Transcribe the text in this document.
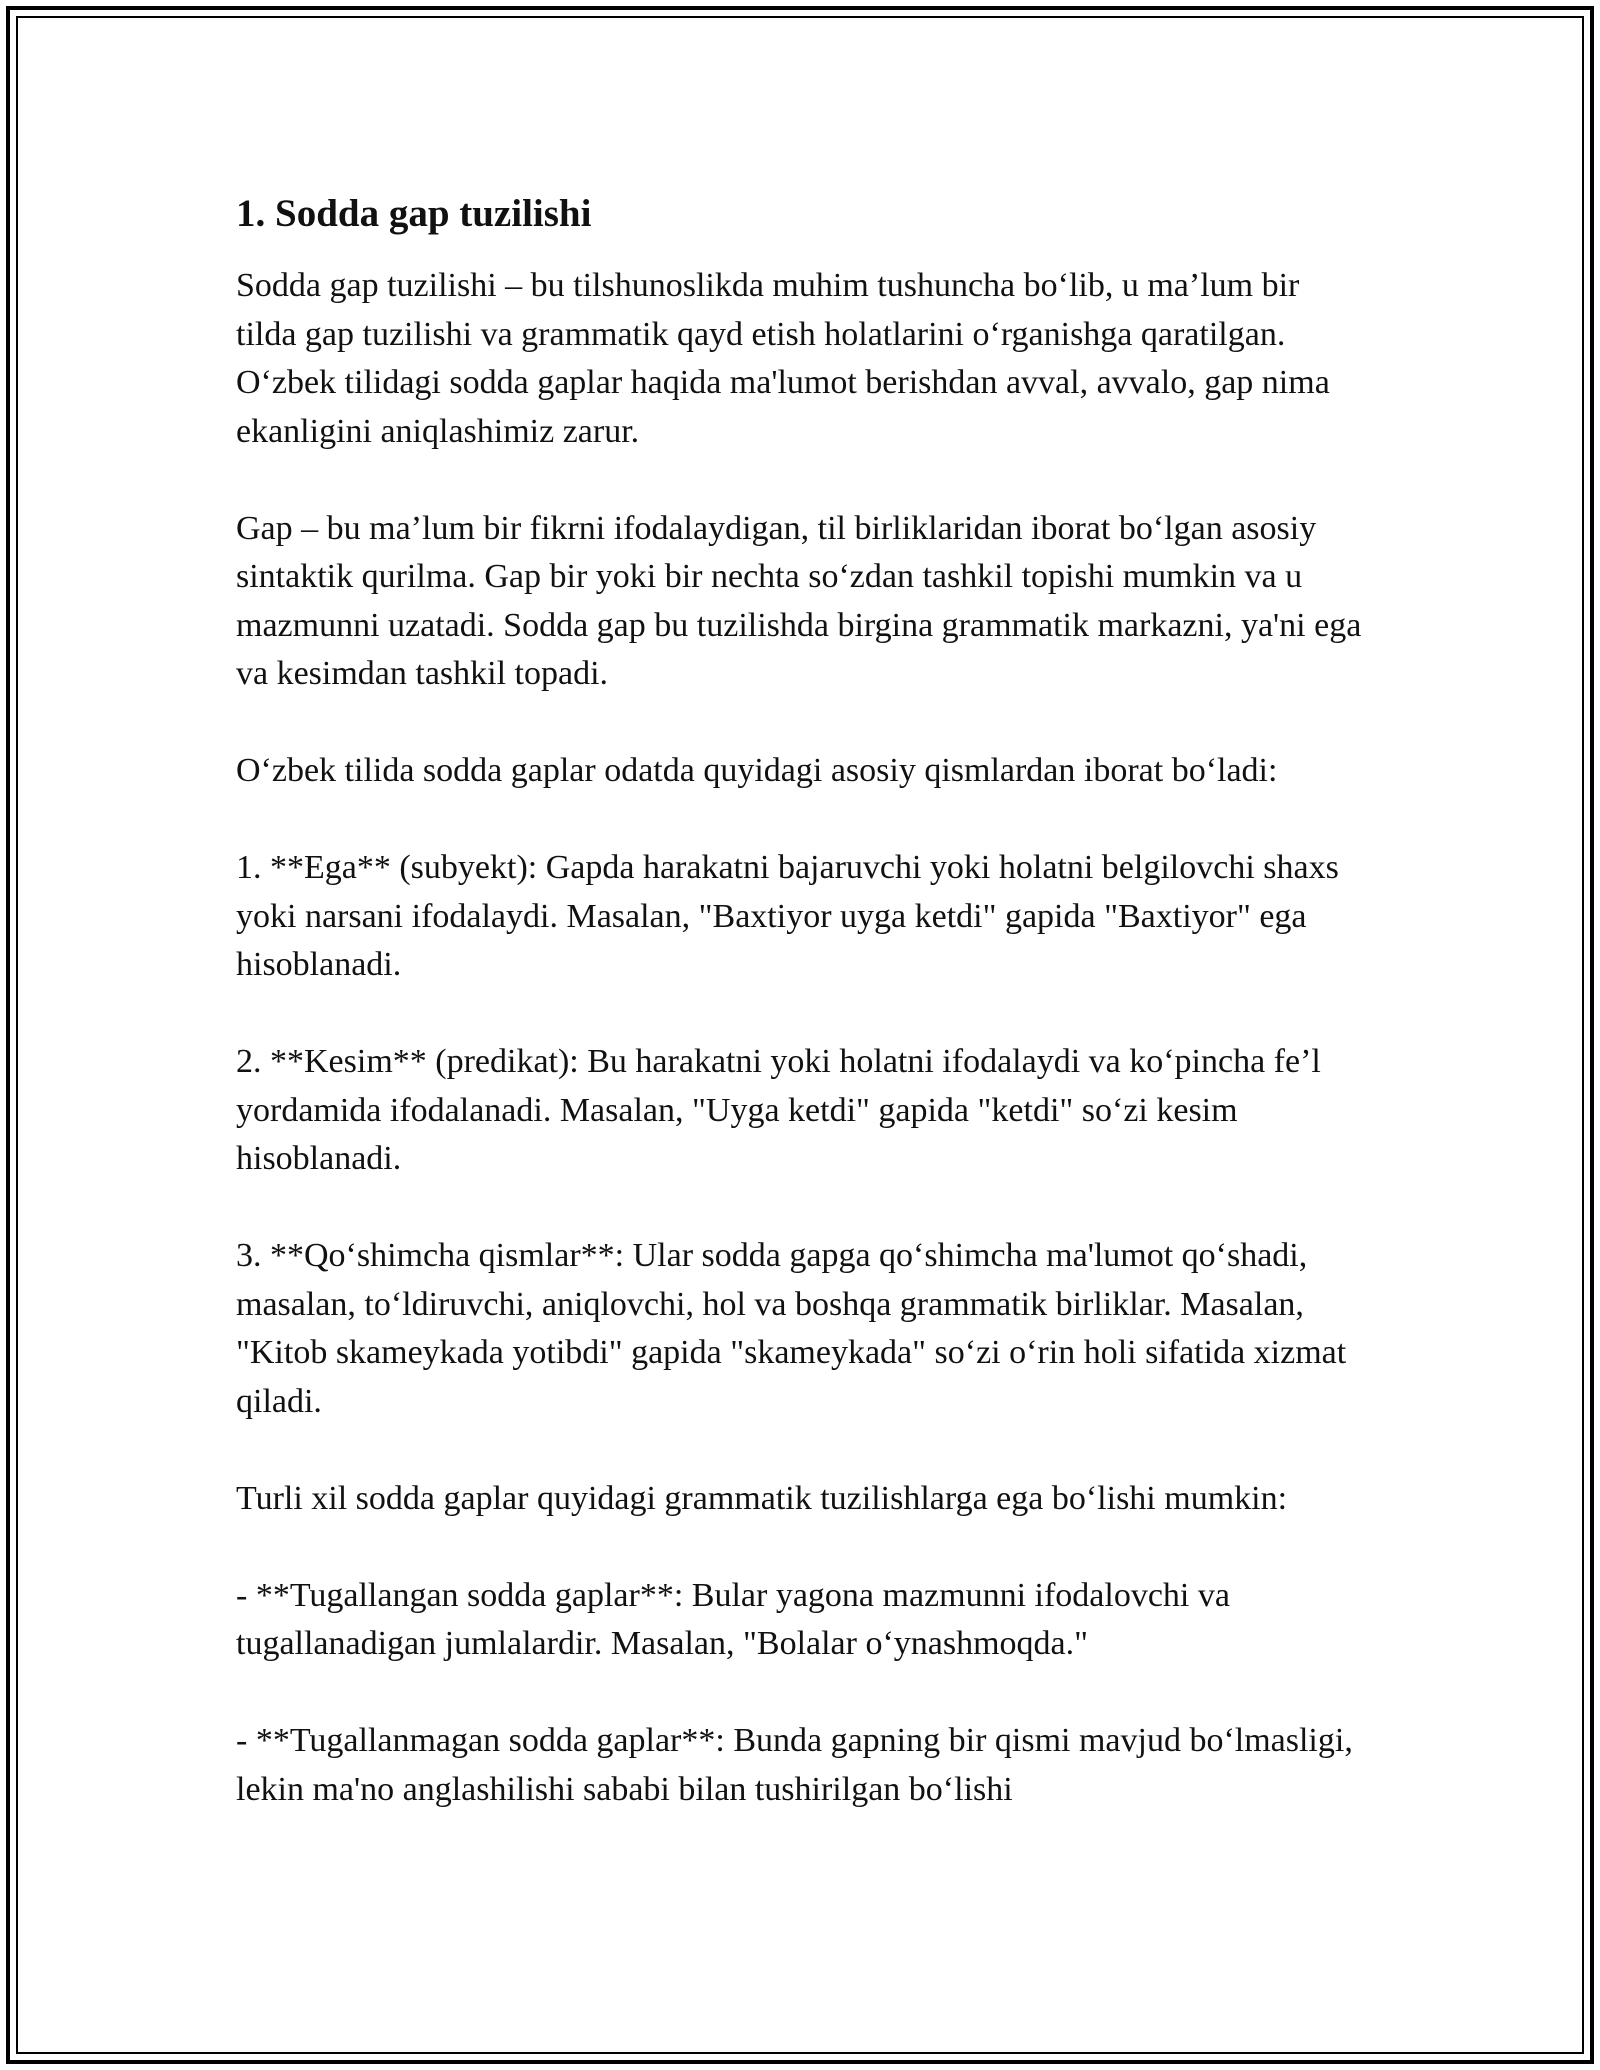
1. Sodda gap tuzilishi

Sodda gap tuzilishi – bu tilshunoslikda muhim tushuncha bo‘lib, u ma’lum bir tilda gap tuzilishi va grammatik qayd etish holatlarini o‘rganishga qaratilgan. O‘zbek tilidagi sodda gaplar haqida ma'lumot berishdan avval, avvalo, gap nima ekanligini aniqlashimiz zarur.

Gap – bu ma’lum bir fikrni ifodalaydigan, til birliklaridan iborat bo‘lgan asosiy sintaktik qurilma. Gap bir yoki bir nechta so‘zdan tashkil topishi mumkin va u mazmunni uzatadi. Sodda gap bu tuzilishda birgina grammatik markazni, ya'ni ega va kesimdan tashkil topadi.

O‘zbek tilida sodda gaplar odatda quyidagi asosiy qismlardan iborat bo‘ladi:

1. **Ega** (subyekt): Gapda harakatni bajaruvchi yoki holatni belgilovchi shaxs yoki narsani ifodalaydi. Masalan, "Baxtiyor uyga ketdi" gapida "Baxtiyor" ega hisoblanadi.

2. **Kesim** (predikat): Bu harakatni yoki holatni ifodalaydi va ko‘pincha fe’l yordamida ifodalanadi. Masalan, "Uyga ketdi" gapida "ketdi" so‘zi kesim hisoblanadi.

3. **Qo‘shimcha qismlar**: Ular sodda gapga qo‘shimcha ma'lumot qo‘shadi, masalan, to‘ldiruvchi, aniqlovchi, hol va boshqa grammatik birliklar. Masalan, "Kitob skameykada yotibdi" gapida "skameykada" so‘zi o‘rin holi sifatida xizmat qiladi.

Turli xil sodda gaplar quyidagi grammatik tuzilishlarga ega bo‘lishi mumkin:

- **Tugallangan sodda gaplar**: Bular yagona mazmunni ifodalovchi va tugallanadigan jumlalardir. Masalan, "Bolalar o‘ynashmoqda."

- **Tugallanmagan sodda gaplar**: Bunda gapning bir qismi mavjud bo‘lmasligi, lekin ma'no anglashilishi sababi bilan tushirilgan bo‘lishi
